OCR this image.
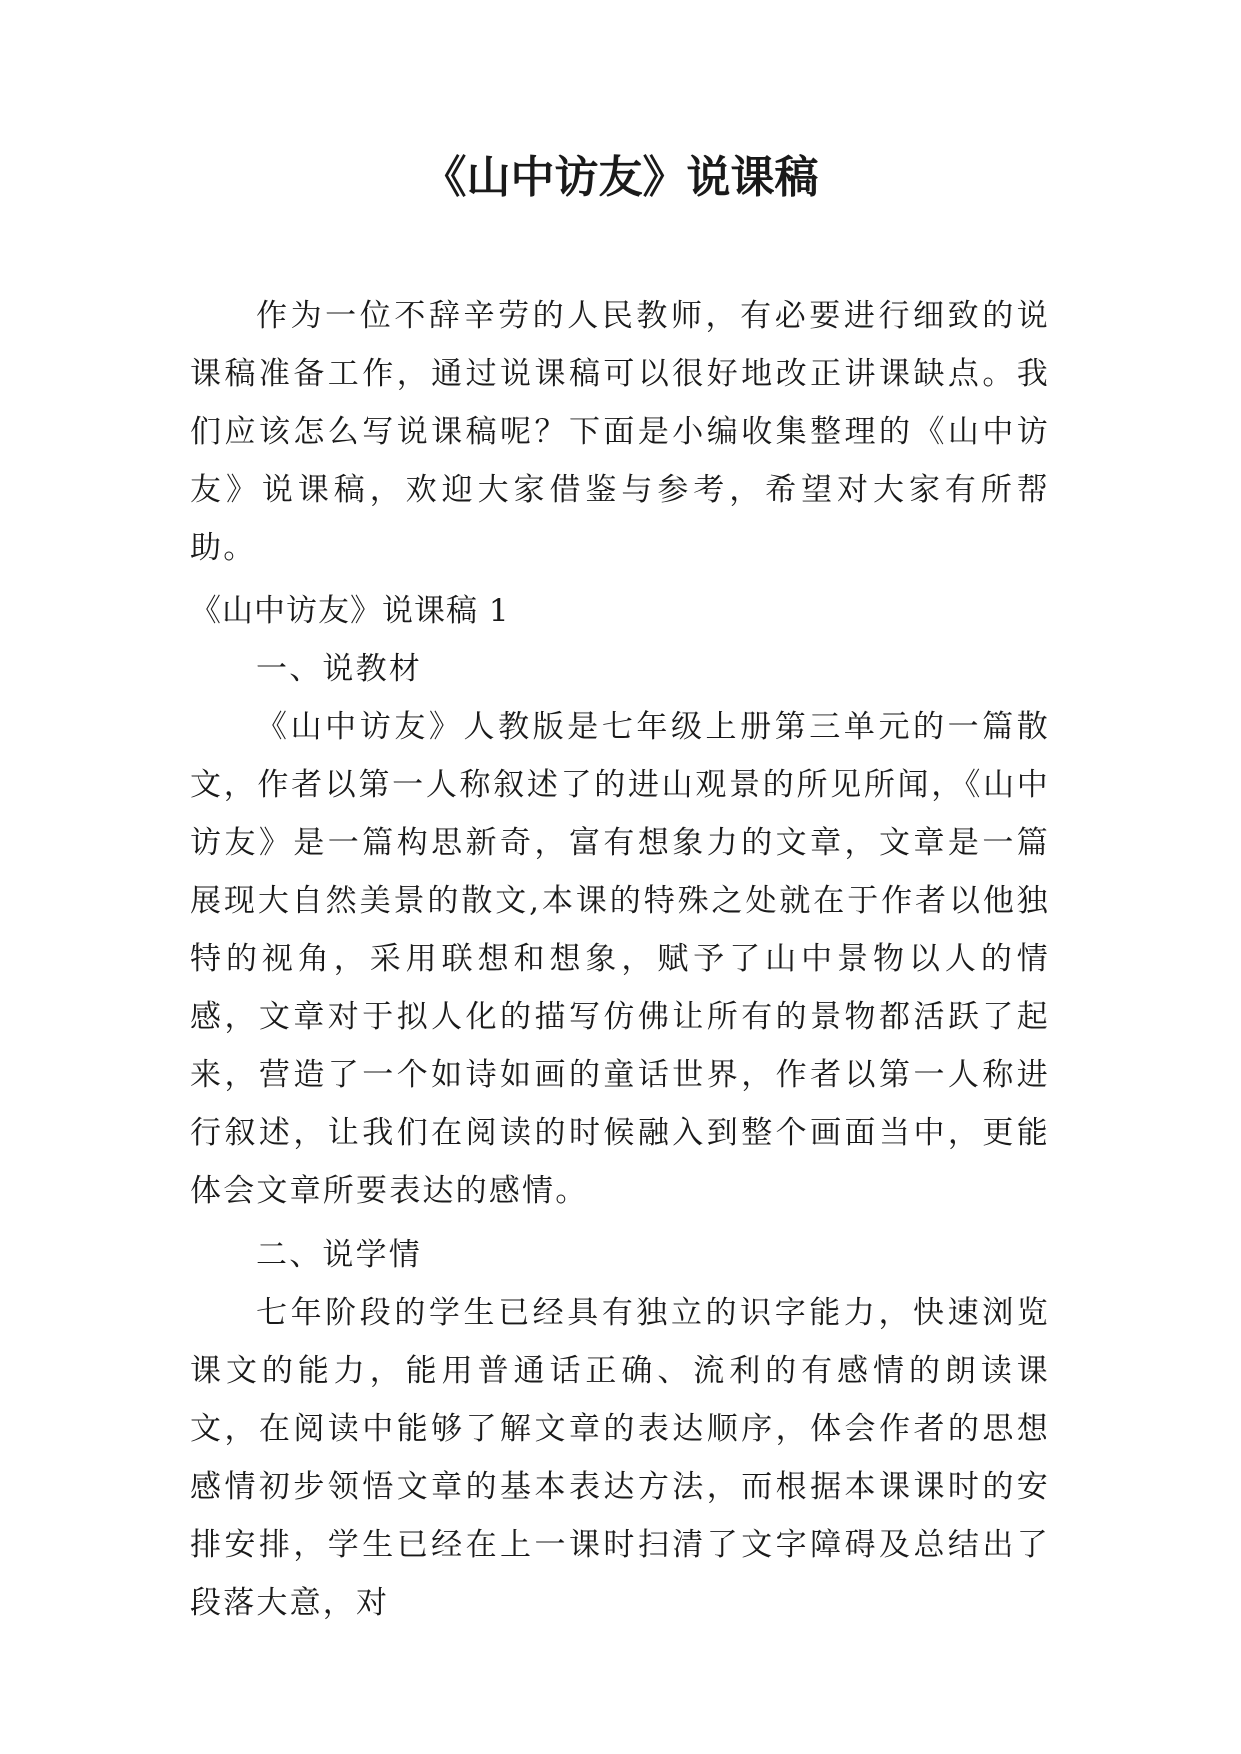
《山中访友》说课稿

作为一位不辞辛劳的人民教师，有必要进行细致的说课稿准备工作，通过说课稿可以很好地改正讲课缺点。我们应该怎么写说课稿呢？下面是小编收集整理的《山中访友》说课稿，欢迎大家借鉴与参考，希望对大家有所帮助。

《山中访友》说课稿 1

一、说教材

《山中访友》人教版是七年级上册第三单元的一篇散文，作者以第一人称叙述了的进山观景的所见所闻，《山中访友》是一篇构思新奇，富有想象力的文章，文章是一篇展现大自然美景的散文,本课的特殊之处就在于作者以他独特的视角，采用联想和想象，赋予了山中景物以人的情感，文章对于拟人化的描写仿佛让所有的景物都活跃了起来，营造了一个如诗如画的童话世界，作者以第一人称进行叙述，让我们在阅读的时候融入到整个画面当中，更能体会文章所要表达的感情。

二、说学情

七年阶段的学生已经具有独立的识字能力，快速浏览课文的能力，能用普通话正确、流利的有感情的朗读课文，在阅读中能够了解文章的表达顺序，体会作者的思想感情初步领悟文章的基本表达方法，而根据本课课时的安排安排，学生已经在上一课时扫清了文字障碍及总结出了段落大意，对
